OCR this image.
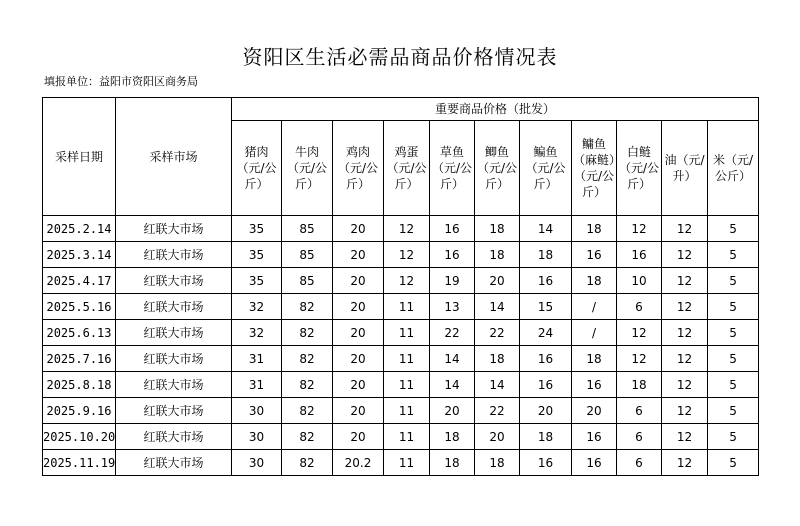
资阳区生活必需品商品价格情况表
填报单位：益阳市资阳区商务局
采样日期	采样市场	重要商品价格（批发）										
		猪肉（元/公斤）	牛肉（元/公斤）	鸡肉（元/公斤）	鸡蛋（元/公斤）	草鱼（元/公斤）	鲫鱼（元/公斤）	鳊鱼（元/公斤）	鳙鱼（麻鲢）（元/公斤）	白鲢（元/公斤）	油（元/升）	米（元/公斤）
2025.2.14	红联大市场	35	85	20	12	16	18	14	18	12	12	5
2025.3.14	红联大市场	35	85	20	12	16	18	18	16	16	12	5
2025.4.17	红联大市场	35	85	20	12	19	20	16	18	10	12	5
2025.5.16	红联大市场	32	82	20	11	13	14	15	/	6	12	5
2025.6.13	红联大市场	32	82	20	11	22	22	24	/	12	12	5
2025.7.16	红联大市场	31	82	20	11	14	18	16	18	12	12	5
2025.8.18	红联大市场	31	82	20	11	14	14	16	16	18	12	5
2025.9.16	红联大市场	30	82	20	11	20	22	20	20	6	12	5
2025.10.20	红联大市场	30	82	20	11	18	20	18	16	6	12	5
2025.11.19	红联大市场	30	82	20.2	11	18	18	16	16	6	12	5
